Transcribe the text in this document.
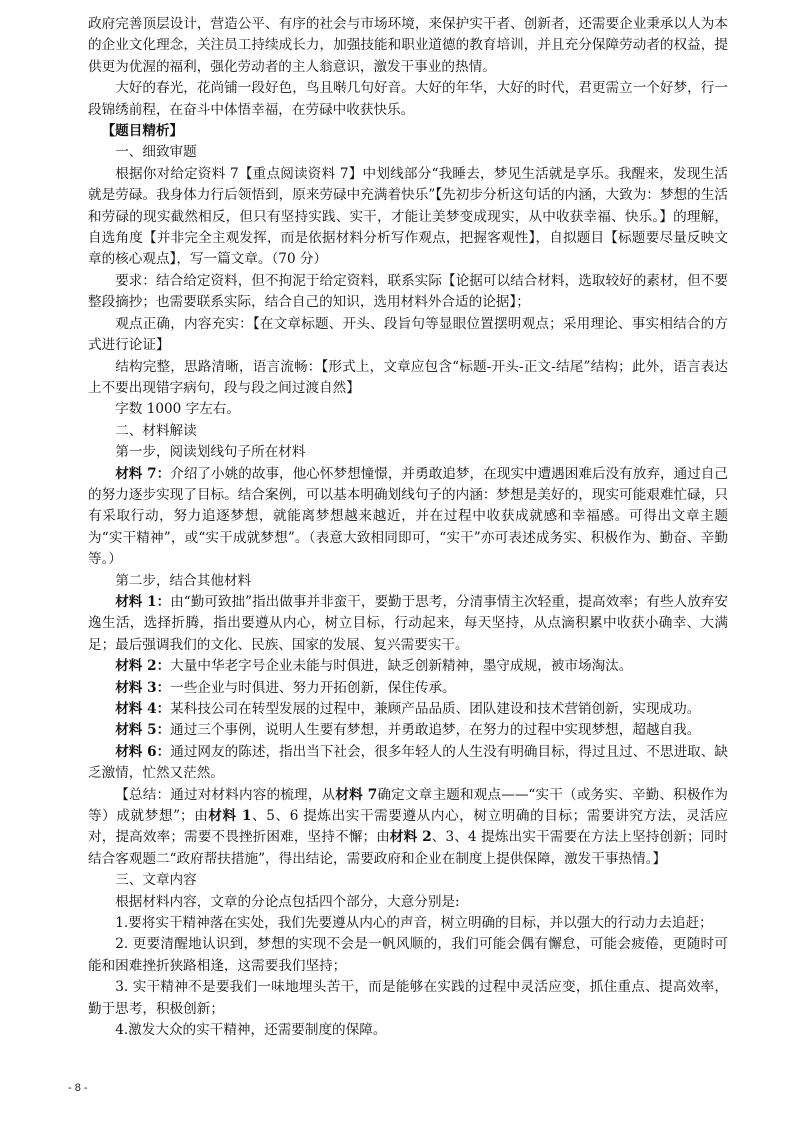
政府完善顶层设计，营造公平、有序的社会与市场环境，来保护实干者、创新者，还需要企业秉承以人为本的企业文化理念，关注员工持续成长力，加强技能和职业道德的教育培训，并且充分保障劳动者的权益，提供更为优渥的福利，强化劳动者的主人翁意识，激发干事业的热情。

大好的春光，花尚铺一段好色，鸟且啭几句好音。大好的年华，大好的时代，君更需立一个好梦，行一段锦绣前程，在奋斗中体悟幸福，在劳碌中收获快乐。

【题目精析】

一、细致审题

根据你对给定资料 7【重点阅读资料 7】中划线部分“我睡去，梦见生活就是享乐。我醒来，发现生活就是劳碌。我身体力行后领悟到，原来劳碌中充满着快乐”【先初步分析这句话的内涵，大致为：梦想的生活和劳碌的现实截然相反，但只有坚持实践、实干，才能让美梦变成现实，从中收获幸福、快乐。】的理解，自选角度【并非完全主观发挥，而是依据材料分析写作观点，把握客观性】，自拟题目【标题要尽量反映文章的核心观点】，写一篇文章。（70 分）

要求：结合给定资料，但不拘泥于给定资料，联系实际【论据可以结合材料，选取较好的素材，但不要整段摘抄；也需要联系实际，结合自己的知识，选用材料外合适的论据】；

观点正确，内容充实：【在文章标题、开头、段旨句等显眼位置摆明观点；采用理论、事实相结合的方式进行论证】

结构完整，思路清晰，语言流畅：【形式上，文章应包含“标题-开头-正文-结尾”结构；此外，语言表达上不要出现错字病句，段与段之间过渡自然】

字数 1000 字左右。

二、材料解读

第一步，阅读划线句子所在材料

材料 7：介绍了小姚的故事，他心怀梦想憧憬，并勇敢追梦，在现实中遭遇困难后没有放弃，通过自己的努力逐步实现了目标。结合案例，可以基本明确划线句子的内涵：梦想是美好的，现实可能艰难忙碌，只有采取行动，努力追逐梦想，就能离梦想越来越近，并在过程中收获成就感和幸福感。可得出文章主题为“实干精神”，或“实干成就梦想”。（表意大致相同即可，“实干”亦可表述成务实、积极作为、勤奋、辛勤等。）

第二步，结合其他材料

材料 1：由“勤可致拙”指出做事并非蛮干，要勤于思考，分清事情主次轻重，提高效率；有些人放弃安逸生活，选择折腾，指出要遵从内心，树立目标，行动起来，每天坚持，从点滴积累中收获小确幸、大满足；最后强调我们的文化、民族、国家的发展、复兴需要实干。

材料 2：大量中华老字号企业未能与时俱进，缺乏创新精神，墨守成规，被市场淘汰。

材料 3：一些企业与时俱进、努力开拓创新，保住传承。

材料 4：某科技公司在转型发展的过程中，兼顾产品品质、团队建设和技术营销创新，实现成功。

材料 5：通过三个事例，说明人生要有梦想，并勇敢追梦，在努力的过程中实现梦想，超越自我。

材料 6：通过网友的陈述，指出当下社会，很多年轻人的人生没有明确目标，得过且过、不思进取、缺乏激情，忙然又茫然。

【总结：通过对材料内容的梳理，从材料 7确定文章主题和观点——“实干（或务实、辛勤、积极作为等）成就梦想”；由材料 1、5、6 提炼出实干需要遵从内心，树立明确的目标；需要讲究方法，灵活应对，提高效率；需要不畏挫折困难，坚持不懈；由材料 2、3、4 提炼出实干需要在方法上坚持创新；同时结合客观题二“政府帮扶措施”，得出结论，需要政府和企业在制度上提供保障，激发干事热情。】

三、文章内容

根据材料内容，文章的分论点包括四个部分，大意分别是:

1.要将实干精神落在实处，我们先要遵从内心的声音，树立明确的目标，并以强大的行动力去追赶；

2. 更要清醒地认识到，梦想的实现不会是一帆风顺的，我们可能会偶有懈怠，可能会疲倦，更随时可能和困难挫折狭路相逢，这需要我们坚持；

3. 实干精神不是要我们一味地埋头苦干，而是能够在实践的过程中灵活应变，抓住重点、提高效率，勤于思考，积极创新；

4.激发大众的实干精神，还需要制度的保障。

- 8 -
